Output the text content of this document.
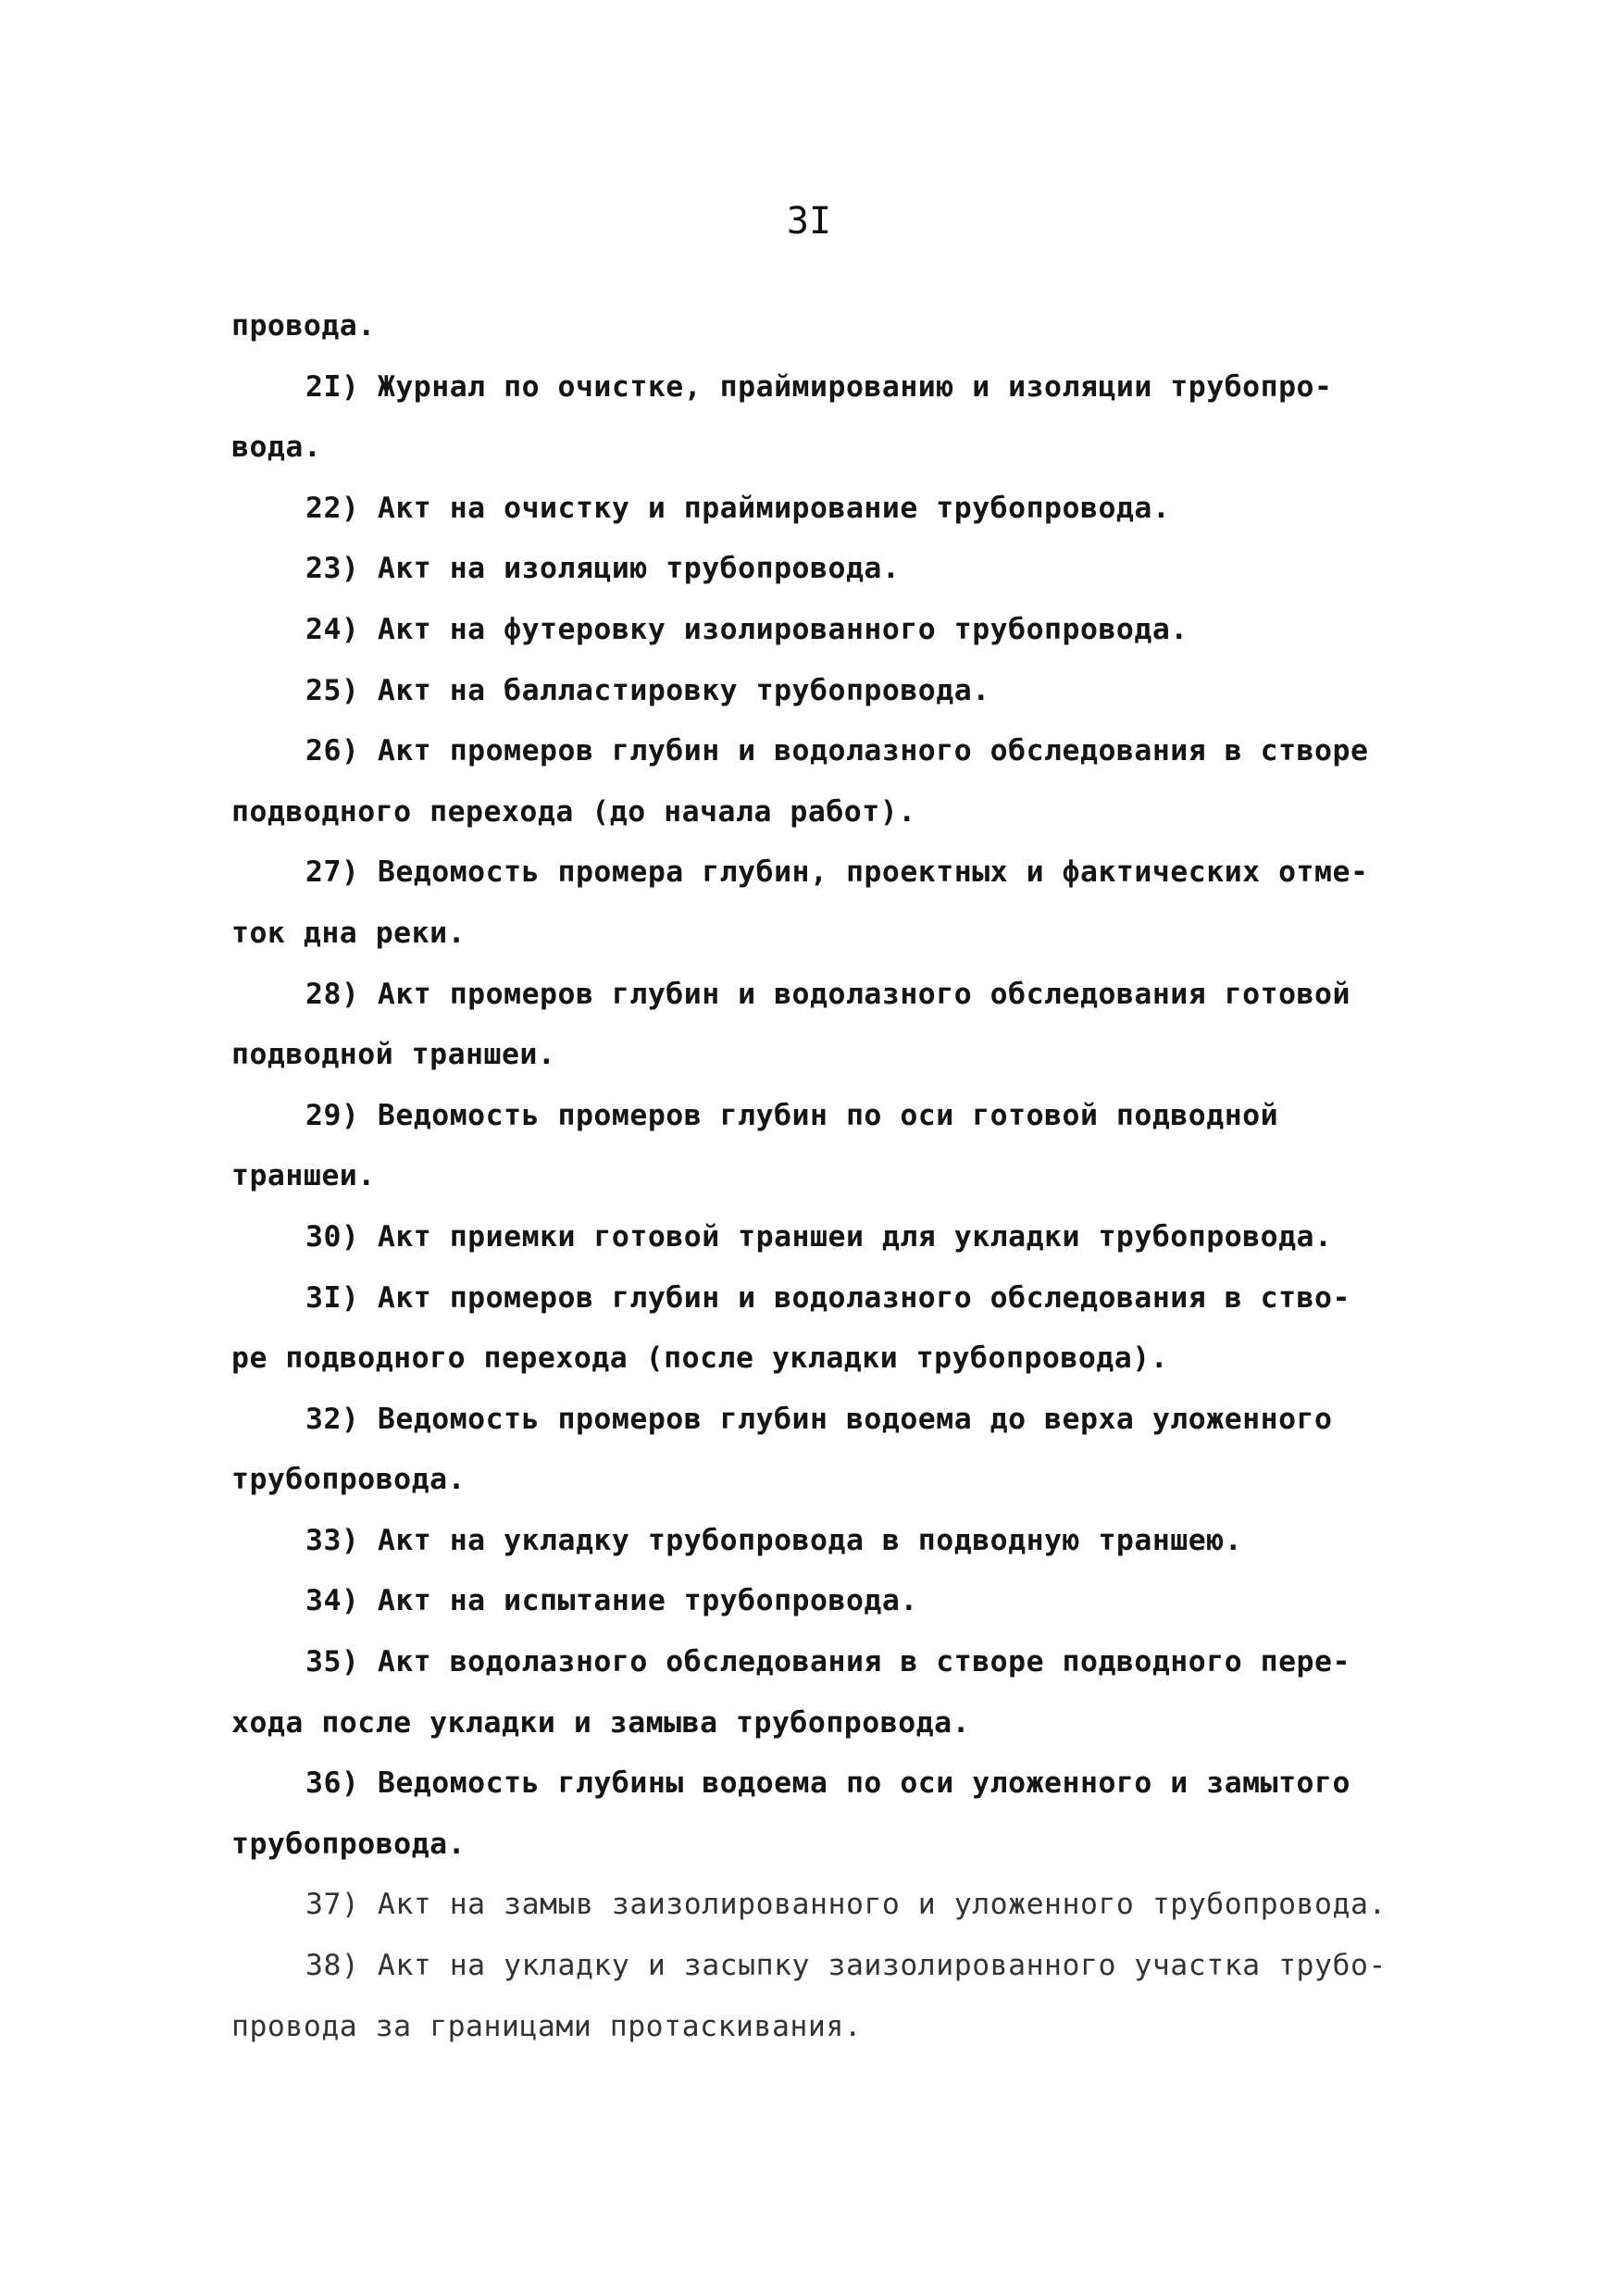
3I
провода.
2I) Журнал по очистке, праймированию и изоляции трубопро-
вода.
22) Акт на очистку и праймирование трубопровода.
23) Акт на изоляцию трубопровода.
24) Акт на футеровку изолированного трубопровода.
25) Акт на балластировку трубопровода.
26) Акт промеров глубин и водолазного обследования в створе
подводного перехода (до начала работ).
27) Ведомость промера глубин, проектных и фактических отме-
ток дна реки.
28) Акт промеров глубин и водолазного обследования готовой
подводной траншеи.
29) Ведомость промеров глубин по оси готовой подводной
траншеи.
30) Акт приемки готовой траншеи для укладки трубопровода.
3I) Акт промеров глубин и водолазного обследования в ство-
ре подводного перехода (после укладки трубопровода).
32) Ведомость промеров глубин водоема до верха уложенного
трубопровода.
33) Акт на укладку трубопровода в подводную траншею.
34) Акт на испытание трубопровода.
35) Акт водолазного обследования в створе подводного пере-
хода после укладки и замыва трубопровода.
36) Ведомость глубины водоема по оси уложенного и замытого
трубопровода.
37) Акт на замыв заизолированного и уложенного трубопровода.
38) Акт на укладку и засыпку заизолированного участка трубо-
провода за границами протаскивания.
